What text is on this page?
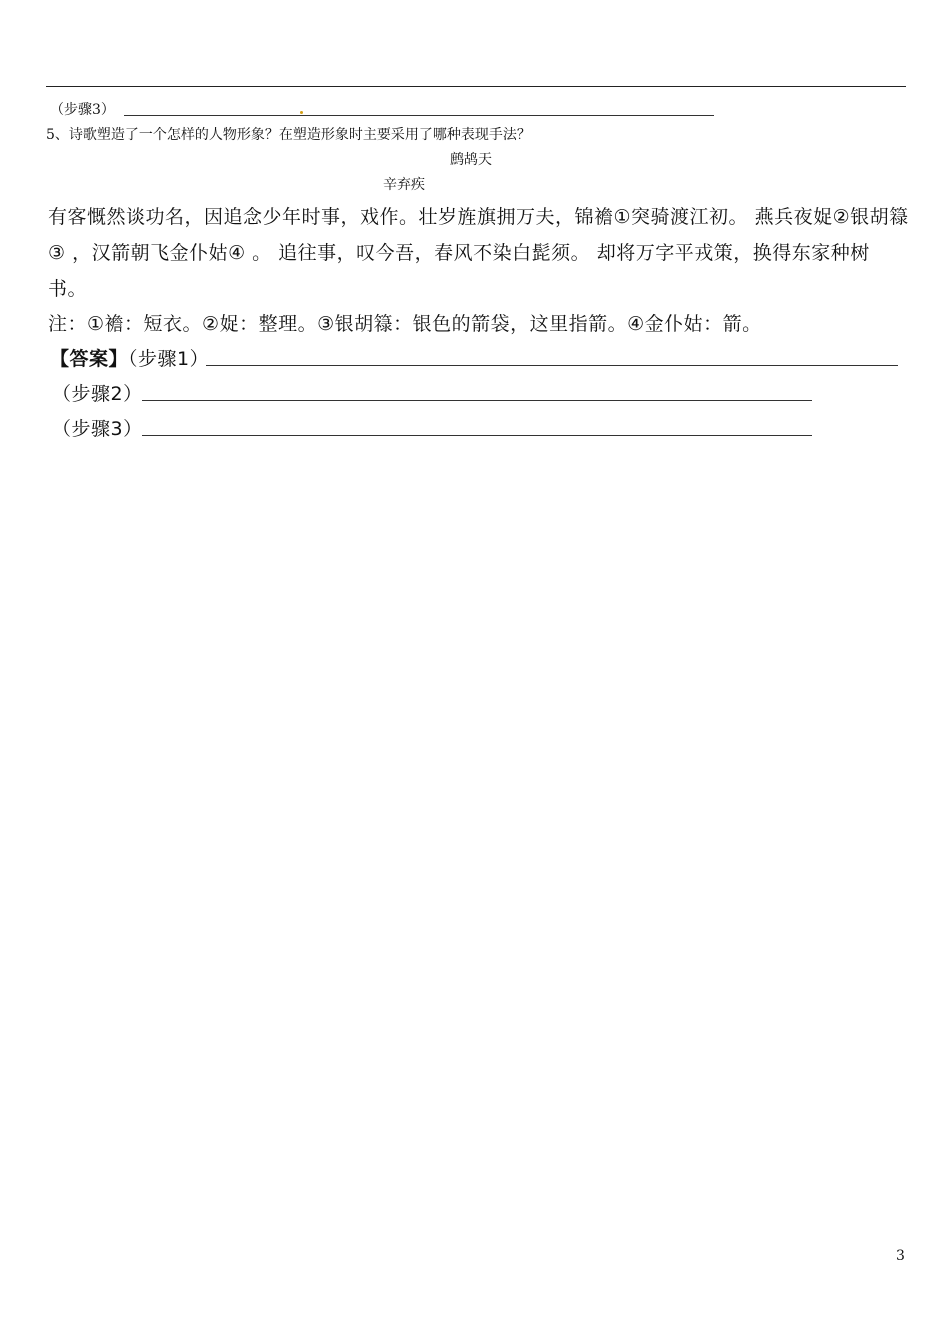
（步骤3）
5、诗歌塑造了一个怎样的人物形象？在塑造形象时主要采用了哪种表现手法？
鹧鸪天
辛弃疾
有客慨然谈功名，因追念少年时事，戏作。壮岁旌旗拥万夫，锦襜①突骑渡江初。 燕兵夜娖②银胡簶
③ ，汉箭朝飞金仆姑④ 。 追往事，叹今吾，春风不染白髭须。 却将万字平戎策，换得东家种树
书。
注：①襜：短衣。②娖：整理。③银胡簶：银色的箭袋，这里指箭。④金仆姑：箭。
【答案】（步骤1）
（步骤2）
（步骤3）
3
